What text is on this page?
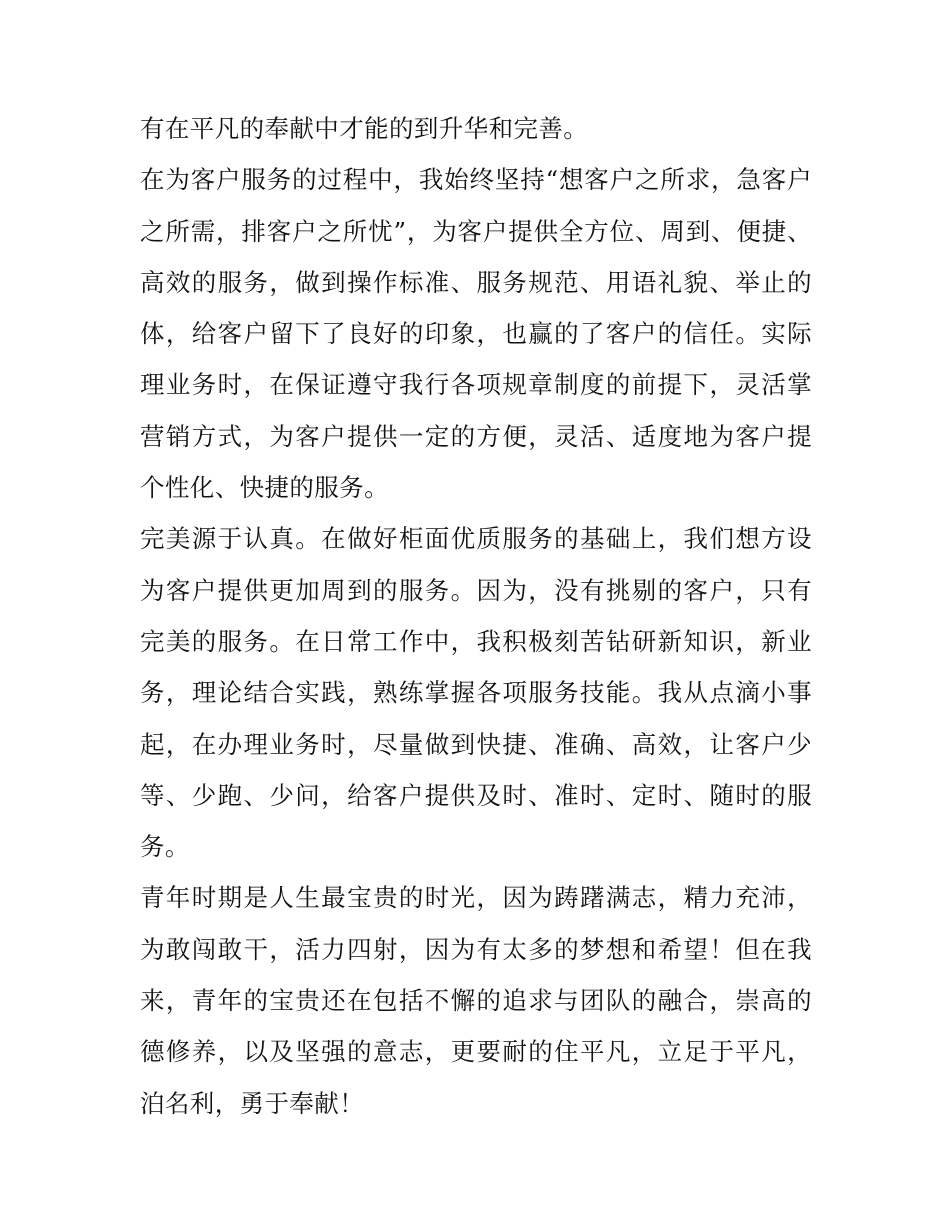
有在平凡的奉献中才能的到升华和完善。
在为客户服务的过程中，我始终坚持“想客户之所求，急客户
之所需，排客户之所忧”，为客户提供全方位、周到、便捷、
高效的服务，做到操作标准、服务规范、用语礼貌、举止的
体，给客户留下了良好的印象，也赢的了客户的信任。实际
理业务时，在保证遵守我行各项规章制度的前提下，灵活掌
营销方式，为客户提供一定的方便，灵活、适度地为客户提
个性化、快捷的服务。
完美源于认真。在做好柜面优质服务的基础上，我们想方设
为客户提供更加周到的服务。因为，没有挑剔的客户，只有
完美的服务。在日常工作中，我积极刻苦钻研新知识，新业
务，理论结合实践，熟练掌握各项服务技能。我从点滴小事
起，在办理业务时，尽量做到快捷、准确、高效，让客户少
等、少跑、少问，给客户提供及时、准时、定时、随时的服
务。
青年时期是人生最宝贵的时光，因为踌躇满志，精力充沛，
为敢闯敢干，活力四射，因为有太多的梦想和希望！但在我
来，青年的宝贵还在包括不懈的追求与团队的融合，崇高的
德修养，以及坚强的意志，更要耐的住平凡，立足于平凡，
泊名利，勇于奉献！
